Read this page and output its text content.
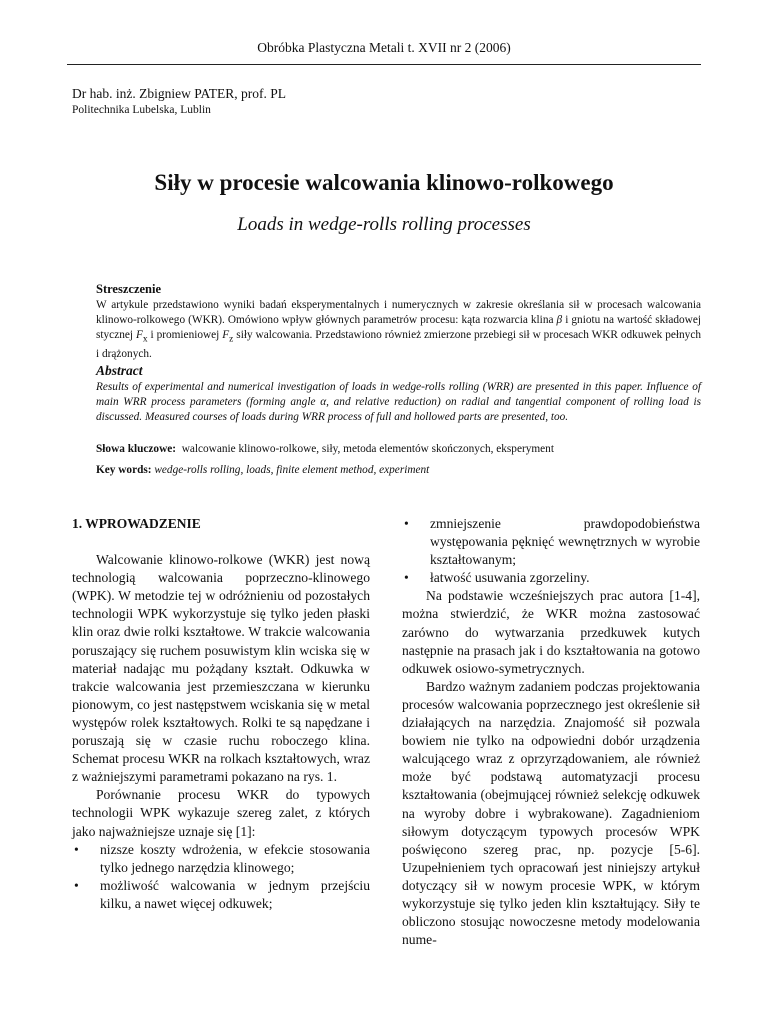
Obróbka Plastyczna Metali t. XVII nr 2 (2006)
Dr hab. inż. Zbigniew PATER, prof. PL
Politechnika Lubelska, Lublin
Siły w procesie walcowania klinowo-rolkowego
Loads in wedge-rolls rolling processes
Streszczenie
W artykule przedstawiono wyniki badań eksperymentalnych i numerycznych w zakresie określania sił w procesach walcowania klinowo-rolkowego (WKR). Omówiono wpływ głównych parametrów procesu: kąta rozwarcia klina β i gniotu na wartość składowej stycznej $F_x$ i promieniowej $F_z$ siły walcowania. Przedstawiono również zmierzone przebiegi sił w procesach WKR odkuwek pełnych i drążonych.
Abstract
Results of experimental and numerical investigation of loads in wedge-rolls rolling (WRR) are presented in this paper. Influence of main WRR process parameters (forming angle α, and relative reduction) on radial and tangential component of rolling load is discussed. Measured courses of loads during WRR process of full and hollowed parts are presented, too.
Słowa kluczowe: walcowanie klinowo-rolkowe, siły, metoda elementów skończonych, eksperyment
Key words: wedge-rolls rolling, loads, finite element method, experiment
1. WPROWADZENIE

Walcowanie klinowo-rolkowe (WKR) jest nową technologią walcowania poprzeczno-klinowego (WPK). W metodzie tej w odróżnieniu od pozostałych technologii WPK wykorzystuje się tylko jeden płaski klin oraz dwie rolki kształtowe. W trakcie walcowania poruszający się ruchem posuwistym klin wciska się w materiał nadając mu pożądany kształt. Odkuwka w trakcie walcowania jest przemieszczana w kierunku pionowym, co jest następstwem wciskania się w metal występów rolek kształtowych. Rolki te są napędzane i poruszają się w czasie ruchu roboczego klina. Schemat procesu WKR na rolkach kształtowych, wraz z ważniejszymi parametrami pokazano na rys. 1.

Porównanie procesu WKR do typowych technologii WPK wykazuje szereg zalet, z których jako najważniejsze uznaje się [1]:

• nizsze koszty wdrożenia, w efekcie stosowania tylko jednego narzędzia klinowego;
• możliwość walcowania w jednym przejściu kilku, a nawet więcej odkuwek;
• zmniejszenie prawdopodobieństwa występowania pęknięć wewnętrznych w wyrobie kształtowanym;
• łatwość usuwania zgorzeliny.

Na podstawie wcześniejszych prac autora [1-4], można stwierdzić, że WKR można zastosować zarówno do wytwarzania przedkuwek kutych następnie na prasach jak i do kształtowania na gotowo odkuwek osiowo-symetrycznych.

Bardzo ważnym zadaniem podczas projektowania procesów walcowania poprzecznego jest określenie sił działających na narzędzia. Znajomość sił pozwala bowiem nie tylko na odpowiedni dobór urządzenia walcującego wraz z oprzyrządowaniem, ale również może być podstawą automatyzacji procesu kształtowania (obejmującej również selekcję odkuwek na wyroby dobre i wybrakowane). Zagadnieniom siłowym dotyczącym typowych procesów WPK poświęcono szereg prac, np. pozycje [5-6]. Uzupełnieniem tych opracowań jest niniejszy artykuł dotyczący sił w nowym procesie WPK, w którym wykorzystuje się tylko jeden klin kształtujący. Siły te obliczono stosując nowoczesne metody modelowania nume-
